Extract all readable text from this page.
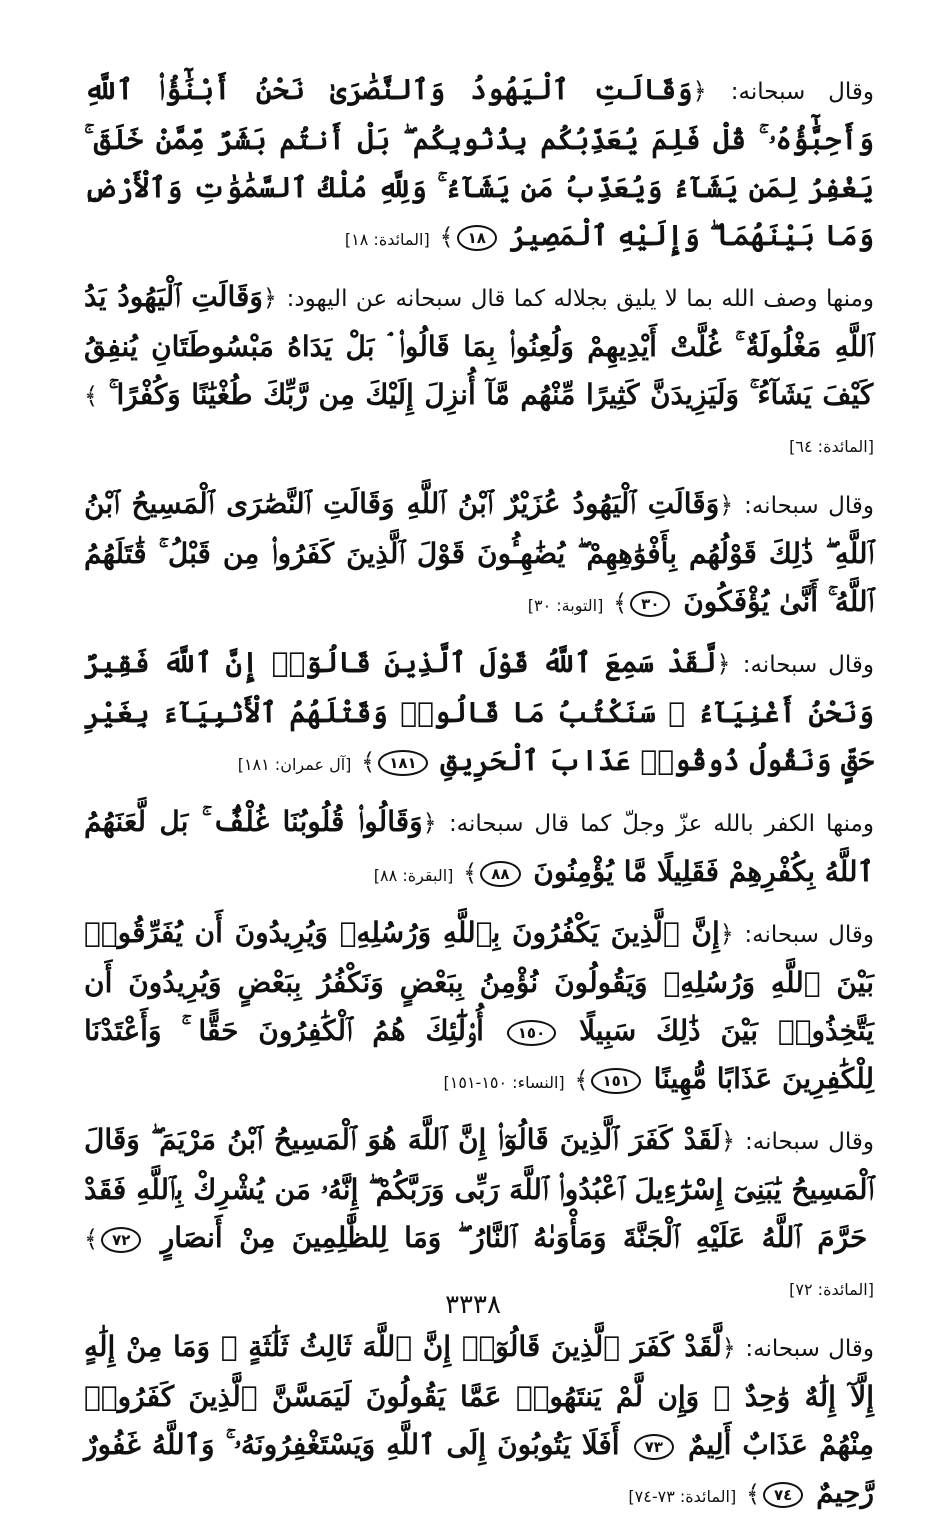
وقال سبحانه: ﴿وَقَالَتِ ٱلْيَهُودُ وَٱلنَّصَٰرَىٰ نَحْنُ أَبْنَٰٓؤُا۟ ٱللَّهِ وَأَحِبَّٰٓؤُهُۥ ۚ قُلْ فَلِمَ يُعَذِّبُكُم بِذُنُوبِكُم ۖ بَلْ أَنتُم بَشَرٌ مِّمَّنْ خَلَقَ ۚ يَغْفِرُ لِمَن يَشَآءُ وَيُعَذِّبُ مَن يَشَآءُ ۚ وَلِلَّهِ مُلْكُ ٱلسَّمَٰوَٰتِ وَٱلْأَرْضِ وَمَا بَيْنَهُمَا ۖ وَإِلَيْهِ ٱلْمَصِيرُ ١٨﴾ [المائدة: ١٨]

ومنها وصف الله بما لا يليق بجلاله كما قال سبحانه عن اليهود: ﴿وَقَالَتِ ٱلْيَهُودُ يَدُ ٱللَّهِ مَغْلُولَةٌ ۚ غُلَّتْ أَيْدِيهِمْ وَلُعِنُوا۟ بِمَا قَالُوا۟ ۘ بَلْ يَدَاهُ مَبْسُوطَتَانِ يُنفِقُ كَيْفَ يَشَآءُ ۚ وَلَيَزِيدَنَّ كَثِيرًا مِّنْهُم مَّآ أُنزِلَ إِلَيْكَ مِن رَّبِّكَ طُغْيَٰنًا وَكُفْرًا ۚ ﴾ [المائدة: ٦٤]

وقال سبحانه: ﴿وَقَالَتِ ٱلْيَهُودُ عُزَيْرٌ ٱبْنُ ٱللَّهِ وَقَالَتِ ٱلنَّصَٰرَى ٱلْمَسِيحُ ٱبْنُ ٱللَّهِ ۖ ذَٰلِكَ قَوْلُهُم بِأَفْوَٰهِهِمْ ۖ يُضَٰهِـُٔونَ قَوْلَ ٱلَّذِينَ كَفَرُوا۟ مِن قَبْلُ ۚ قَٰتَلَهُمُ ٱللَّهُ ۚ أَنَّىٰ يُؤْفَكُونَ ٣٠﴾ [التوبة: ٣٠]

وقال سبحانه: ﴿لَّقَدْ سَمِعَ ٱللَّهُ قَوْلَ ٱلَّذِينَ قَالُوٓا۟ إِنَّ ٱللَّهَ فَقِيرٌ وَنَحْنُ أَغْنِيَآءُ ۘ سَنَكْتُبُ مَا قَالُوا۟ وَقَتْلَهُمُ ٱلْأَنۢبِيَآءَ بِغَيْرِ حَقٍّ وَنَقُولُ ذُوقُوا۟ عَذَابَ ٱلْحَرِيقِ ١٨١﴾ [آل عمران: ١٨١]

ومنها الكفر بالله عزّ وجلّ كما قال سبحانه: ﴿وَقَالُوا۟ قُلُوبُنَا غُلْفٌۢ ۚ بَل لَّعَنَهُمُ ٱللَّهُ بِكُفْرِهِمْ فَقَلِيلًا مَّا يُؤْمِنُونَ ٨٨﴾ [البقرة: ٨٨]

وقال سبحانه: ﴿إِنَّ ٱلَّذِينَ يَكْفُرُونَ بِٱللَّهِ وَرُسُلِهِۦ وَيُرِيدُونَ أَن يُفَرِّقُوا۟ بَيْنَ ٱللَّهِ وَرُسُلِهِۦ وَيَقُولُونَ نُؤْمِنُ بِبَعْضٍ وَنَكْفُرُ بِبَعْضٍ وَيُرِيدُونَ أَن يَتَّخِذُوا۟ بَيْنَ ذَٰلِكَ سَبِيلًا ١٥٠ أُو۟لَٰٓئِكَ هُمُ ٱلْكَٰفِرُونَ حَقًّا ۚ وَأَعْتَدْنَا لِلْكَٰفِرِينَ عَذَابًا مُّهِينًا ١٥١﴾ [النساء: ١٥٠-١٥١]

وقال سبحانه: ﴿لَقَدْ كَفَرَ ٱلَّذِينَ قَالُوٓا۟ إِنَّ ٱللَّهَ هُوَ ٱلْمَسِيحُ ٱبْنُ مَرْيَمَ ۖ وَقَالَ ٱلْمَسِيحُ يَٰبَنِىٓ إِسْرَٰٓءِيلَ ٱعْبُدُوا۟ ٱللَّهَ رَبِّى وَرَبَّكُمْ ۖ إِنَّهُۥ مَن يُشْرِكْ بِٱللَّهِ فَقَدْ حَرَّمَ ٱللَّهُ عَلَيْهِ ٱلْجَنَّةَ وَمَأْوَىٰهُ ٱلنَّارُ ۖ وَمَا لِلظَّٰلِمِينَ مِنْ أَنصَارٍ ٧٢﴾ [المائدة: ٧٢]

وقال سبحانه: ﴿لَّقَدْ كَفَرَ ٱلَّذِينَ قَالُوٓا۟ إِنَّ ٱللَّهَ ثَالِثُ ثَلَٰثَةٍ ۘ وَمَا مِنْ إِلَٰهٍ إِلَّآ إِلَٰهٌ وَٰحِدٌ ۚ وَإِن لَّمْ يَنتَهُوا۟ عَمَّا يَقُولُونَ لَيَمَسَّنَّ ٱلَّذِينَ كَفَرُوا۟ مِنْهُمْ عَذَابٌ أَلِيمٌ ٧٣ أَفَلَا يَتُوبُونَ إِلَى ٱللَّهِ وَيَسْتَغْفِرُونَهُۥ ۚ وَٱللَّهُ غَفُورٌ رَّحِيمٌ ٧٤﴾ [المائدة: ٧٣-٧٤]

٣٣٣٨
